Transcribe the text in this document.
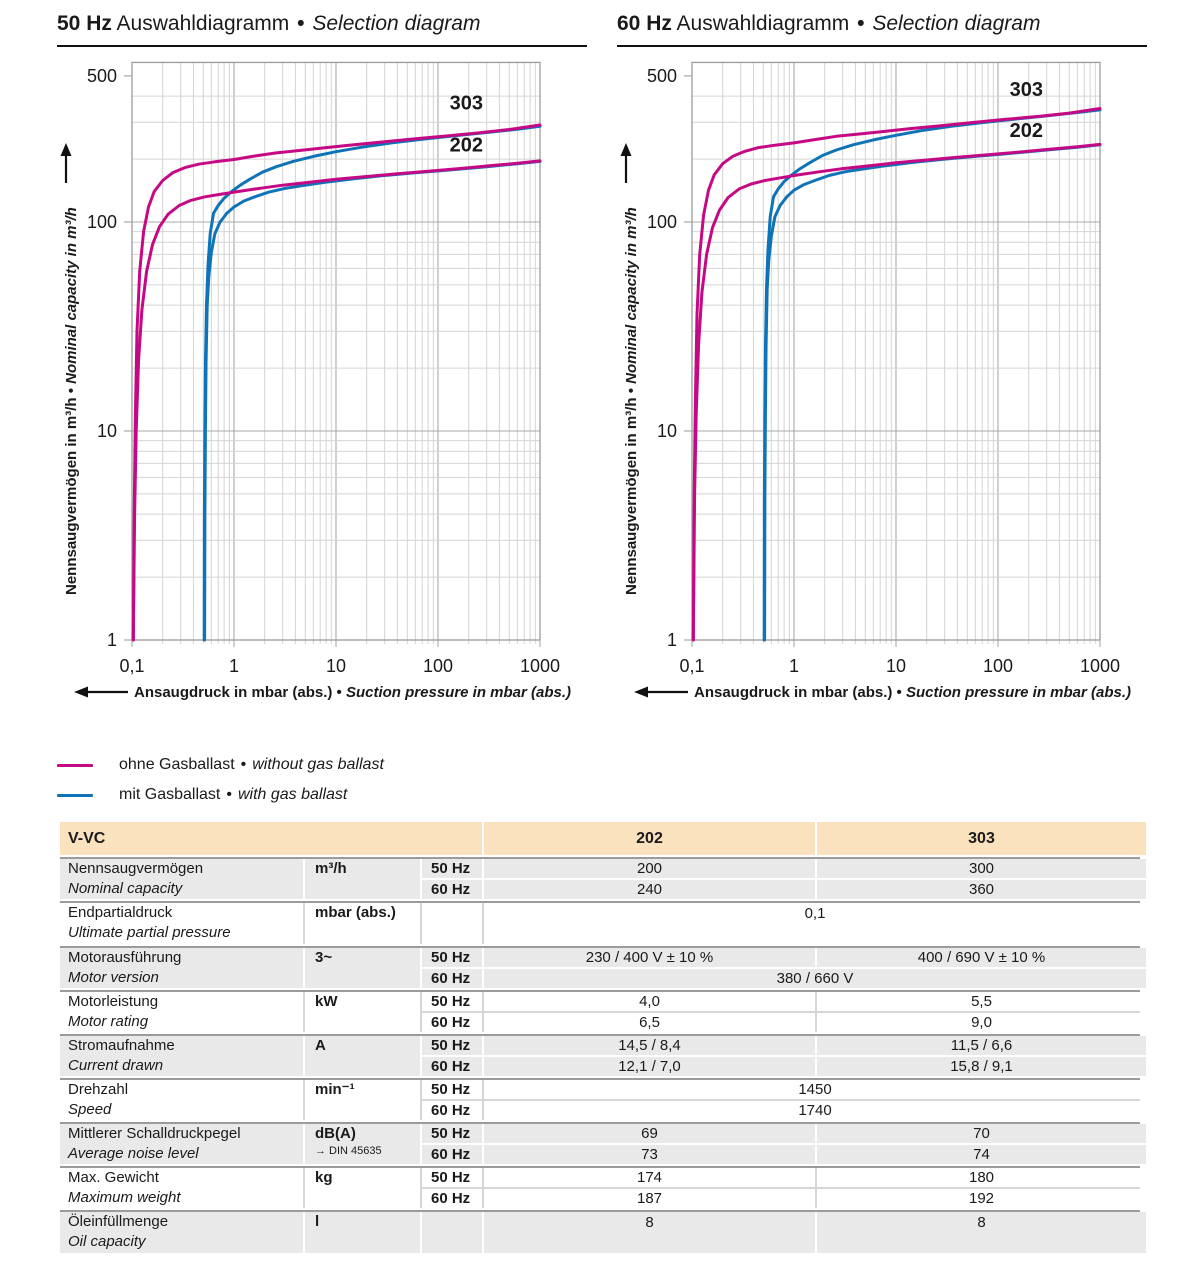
50 Hz Auswahldiagramm • Selection diagram	60 Hz Auswahldiagramm • Selection diagram
1
10
100
500
0,1	1	10	100	1000
Nennsaugvermögen in m³/h • Nominal capacity in m³/h
Ansaugdruck in mbar (abs.) • Suction pressure in mbar (abs.)
303
202
1
10
100
500
0,1	1	10	100	1000
Nennsaugvermögen in m³/h • Nominal capacity in m³/h
Ansaugdruck in mbar (abs.) • Suction pressure in mbar (abs.)
303
202
ohne Gasballast • without gas ballast
mit Gasballast • with gas ballast
V-VC	202	303
Nennsaugvermögen
Nominal capacity
m³/h	50 Hz	200	300
60 Hz	240	360
Endpartialdruck
Ultimate partial pressure
mbar (abs.)	0,1
Motorausführung
Motor version
3~	50 Hz	230 / 400 V ± 10 %	400 / 690 V ± 10 %
60 Hz	380 / 660 V
Motorleistung
Motor rating
kW	50 Hz	4,0	5,5
60 Hz	6,5	9,0
Stromaufnahme
Current drawn
A	50 Hz	14,5 / 8,4	11,5 / 6,6
60 Hz	12,1 / 7,0	15,8 / 9,1
Drehzahl
Speed
min⁻¹	50 Hz	1450
60 Hz	1740
Mittlerer Schalldruckpegel
Average noise level
dB(A)
→ DIN 45635
50 Hz	69	70
60 Hz	73	74
Max. Gewicht
Maximum weight
kg	50 Hz	174	180
60 Hz	187	192
Öleinfüllmenge
Oil capacity
l	8	8
